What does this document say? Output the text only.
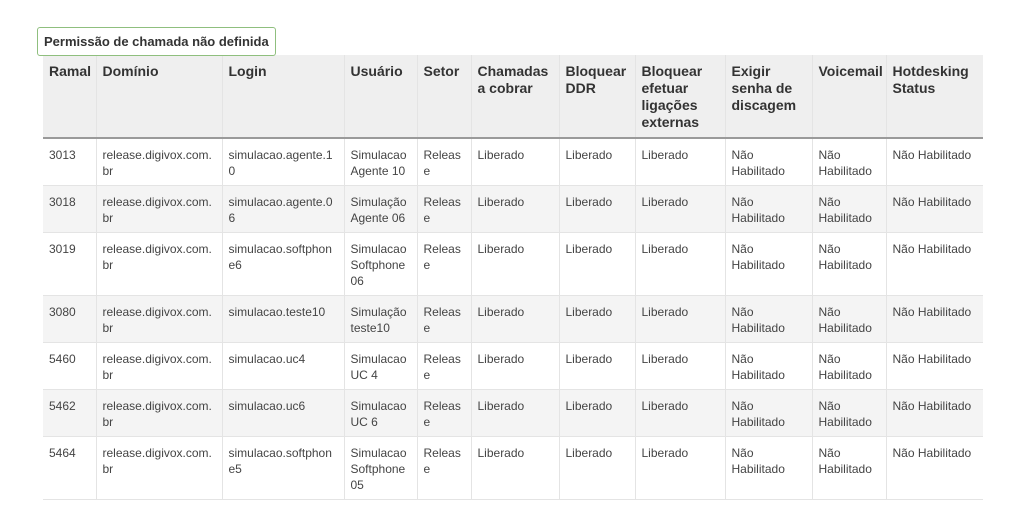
Permissão de chamada não definida
Ramal	Domínio	Login	Usuário	Setor	Chamadas a cobrar	Bloquear DDR	Bloquear efetuar ligações externas	Exigir senha de discagem	Voicemail	Hotdesking Status
3013	release.digivox.com.br	simulacao.agente.10	Simulacao Agente 10	Release	Liberado	Liberado	Liberado	Não Habilitado	Não Habilitado	Não Habilitado
3018	release.digivox.com.br	simulacao.agente.06	Simulação Agente 06	Release	Liberado	Liberado	Liberado	Não Habilitado	Não Habilitado	Não Habilitado
3019	release.digivox.com.br	simulacao.softphone6	Simulacao Softphone 06	Release	Liberado	Liberado	Liberado	Não Habilitado	Não Habilitado	Não Habilitado
3080	release.digivox.com.br	simulacao.teste10	Simulação teste10	Release	Liberado	Liberado	Liberado	Não Habilitado	Não Habilitado	Não Habilitado
5460	release.digivox.com.br	simulacao.uc4	Simulacao UC 4	Release	Liberado	Liberado	Liberado	Não Habilitado	Não Habilitado	Não Habilitado
5462	release.digivox.com.br	simulacao.uc6	Simulacao UC 6	Release	Liberado	Liberado	Liberado	Não Habilitado	Não Habilitado	Não Habilitado
5464	release.digivox.com.br	simulacao.softphone5	Simulacao Softphone 05	Release	Liberado	Liberado	Liberado	Não Habilitado	Não Habilitado	Não Habilitado
